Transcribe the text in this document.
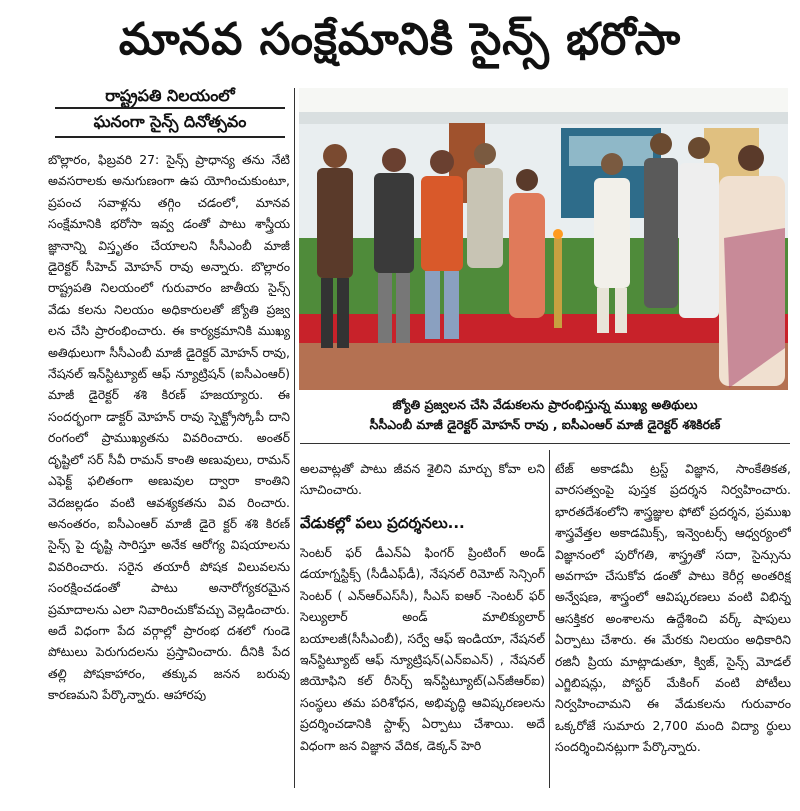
మానవ సంక్షేమానికి సైన్స్ భరోసా
రాష్ట్రపతి నిలయంలో
ఘనంగా సైన్స్ దినోత్సవం
జ్యోతి ప్రజ్వలన చేసి వేడుకలను ప్రారంభిస్తున్న ముఖ్య అతిథులు
సీసీఎంబీ మాజీ డైరెక్టర్ మోహన్ రావు , ఐసీఎంఆర్ మాజీ డైరెక్టర్ శశికిరణ్
బొల్లారం, ఫిబ్రవరి 27: సైన్స్ ప్రాధాన్య తను నేటి అవసరాలకు అనుగుణంగా ఉప యోగించుకుంటూ, ప్రపంచ సవాళ్లను తగ్గిం చడంలో, మానవ సంక్షేమానికి భరోసా ఇవ్వ డంతో పాటు శాస్త్రీయ జ్ఞానాన్ని విస్తృతం చేయాలని సీసీఎంబీ మాజీ డైరెక్టర్ సీహెచ్ మోహన్ రావు అన్నారు. బొల్లారం రాష్ట్రపతి నిలయంలో గురువారం జాతీయ సైన్స్ వేడు కలను నిలయం అధికారులతో జ్యోతి ప్రజ్వ లన చేసి ప్రారంభించారు. ఈ కార్యక్రమానికి ముఖ్య అతిథులుగా సీసీఎంబీ మాజీ డైరెక్టర్ మోహన్ రావు, నేషనల్ ఇన్‌స్టిట్యూట్ ఆఫ్ న్యూట్రిషన్ (ఐసీఎంఆర్) మాజీ డైరెక్టర్ శశి కిరణ్ హజయ్యారు. ఈ సందర్భంగా డాక్టర్ మోహన్ రావు స్పెక్ట్రోస్కోపీ దాని రంగంలో ప్రాముఖ్యతను వివరించారు. అంతర్ దృష్టిలో సర్ సీవీ రామన్ కాంతి అణువులు, రామన్ ఎఫెక్ట్ ఫలితంగా అణువుల ద్వారా కాంతిని వెదజల్లడం వంటి ఆవశ్యకతను వివ రించారు. అనంతరం, ఐసీఎంఆర్ మాజీ డైరె క్టర్ శశి కిరణ్ సైన్స్ పై దృష్టి సారిస్తూ అనేక ఆరోగ్య విషయాలను వివరించారు. సరైన తయారీ పోషక విలువలను సంరక్షించడంతో పాటు అనారోగ్యకరమైన ప్రమాదాలను ఎలా నివారించుకోవచ్చు వెల్లడించారు. అదే విధంగా పేద వర్గాల్లో ప్రారంభ దశలో గుండె పోటులు పెరుగుదలను ప్రస్తావించారు. దీనికి పేద తల్లి పోషకాహారం, తక్కువ జనన బరువు కారణమని పేర్కొన్నారు. ఆహారపు
అలవాట్లతో పాటు జీవన శైలిని మార్చు కోవా లని సూచించారు.
వేడుకల్లో పలు ప్రదర్శనలు...
సెంటర్ ఫర్ డీఎన్ఏ ఫింగర్ ప్రింటింగ్ అండ్ డయాగ్నస్టిక్స్ (సీడీఎఫ్‌డీ), నేషనల్ రిమోట్ సెన్సింగ్ సెంటర్ ( ఎన్ఆర్ఎస్‌సీ), సీఎస్ ఐఆర్ -సెంటర్ ఫర్ సెల్యులార్ అండ్ మాలిక్యులార్ బయాలజీ(సీసీఎంబీ), సర్వే ఆఫ్ ఇండియా, నేషనల్ ఇన్‌స్టిట్యూట్ ఆఫ్ న్యూట్రిషన్(ఎన్ఐఎన్) , నేషనల్ జియోఫిని కల్ రీసెర్చ్ ఇన్‌స్టిట్యూట్(ఎన్‌జీఆర్ఐ) సంస్థలు తమ పరిశోధన, అభివృద్ధి ఆవిష్కరణలను ప్రదర్శించడానికి స్టాళ్స్ ఏర్పాటు చేశాయి. అదే విధంగా జన విజ్ఞాన వేదిక, డెక్కన్ హెరి
టేజ్ అకాడమీ ట్రస్ట్ విజ్ఞాన, సాంకేతికత, వారసత్వంపై పుస్తక ప్రదర్శన నిర్వహించారు. భారతదేశంలోని శాస్త్రజ్ఞుల ఫోటో ప్రదర్శన, ప్రముఖ శాస్త్రవేత్తల అకాడమిక్స్, ఇన్వెంటర్స్ ఆధ్వర్యంలో విజ్ఞానంలో పురోగతి, శాస్త్ర్రతో సదా, సైన్సును అవగాహ చేసుకోవ డంతో పాటు కెరీర్ల అంతరిక్ష అన్వేషణ, శాస్త్రంలో ఆవిష్కరణలు వంటి విభిన్న ఆసక్తికర అంశాలను ఉద్దేశించి వర్క్ షాపులు ఏర్పాటు చేశారు. ఈ మేరకు నిలయం అధికారిని రజినీ ప్రియ మాట్లాడుతూ, క్విజ్, సైన్స్ మోడల్ ఎగ్జిబిషన్లు, పోస్టర్ మేకింగ్ వంటి పోటీలు నిర్వహించామని ఈ వేడుకలను గురువారం ఒక్కరోజే సుమారు 2,700 మంది విద్యా ర్థులు సందర్శించినట్లుగా పేర్కొన్నారు.
